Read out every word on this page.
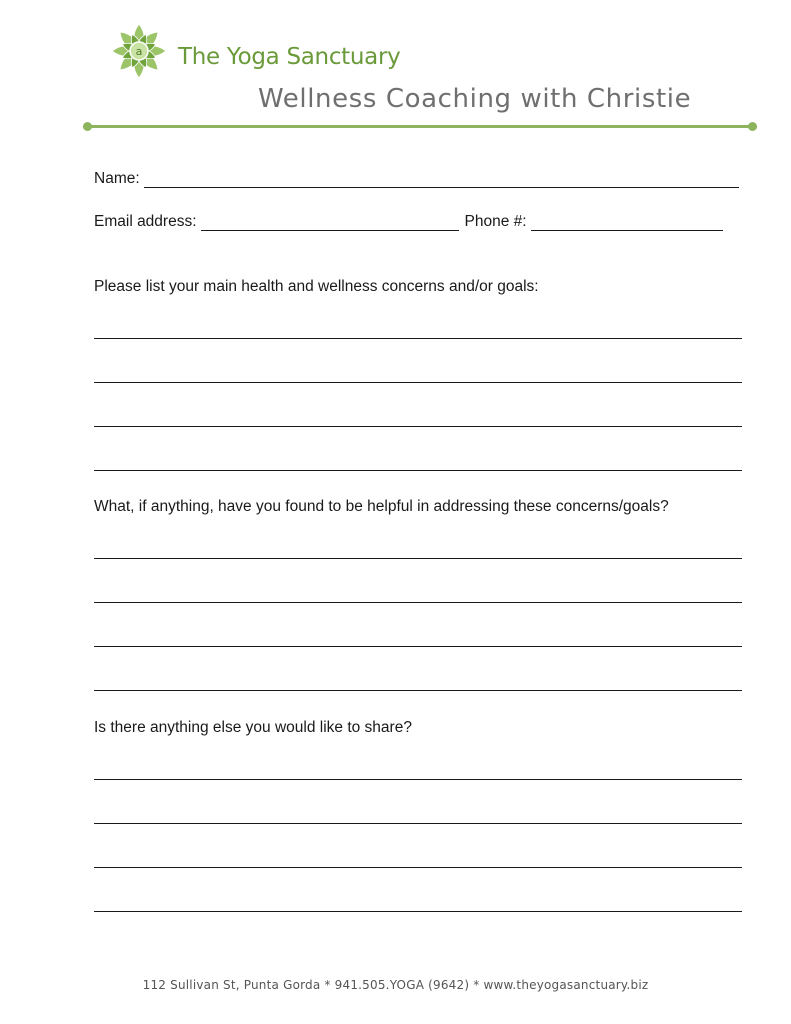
a The Yoga Sanctuary
Wellness Coaching with Christie
Name:
Email address:	Phone #:
Please list your main health and wellness concerns and/or goals:
What, if anything, have you found to be helpful in addressing these concerns/goals?
Is there anything else you would like to share?
112 Sullivan St, Punta Gorda * 941.505.YOGA (9642) * www.theyogasanctuary.biz
